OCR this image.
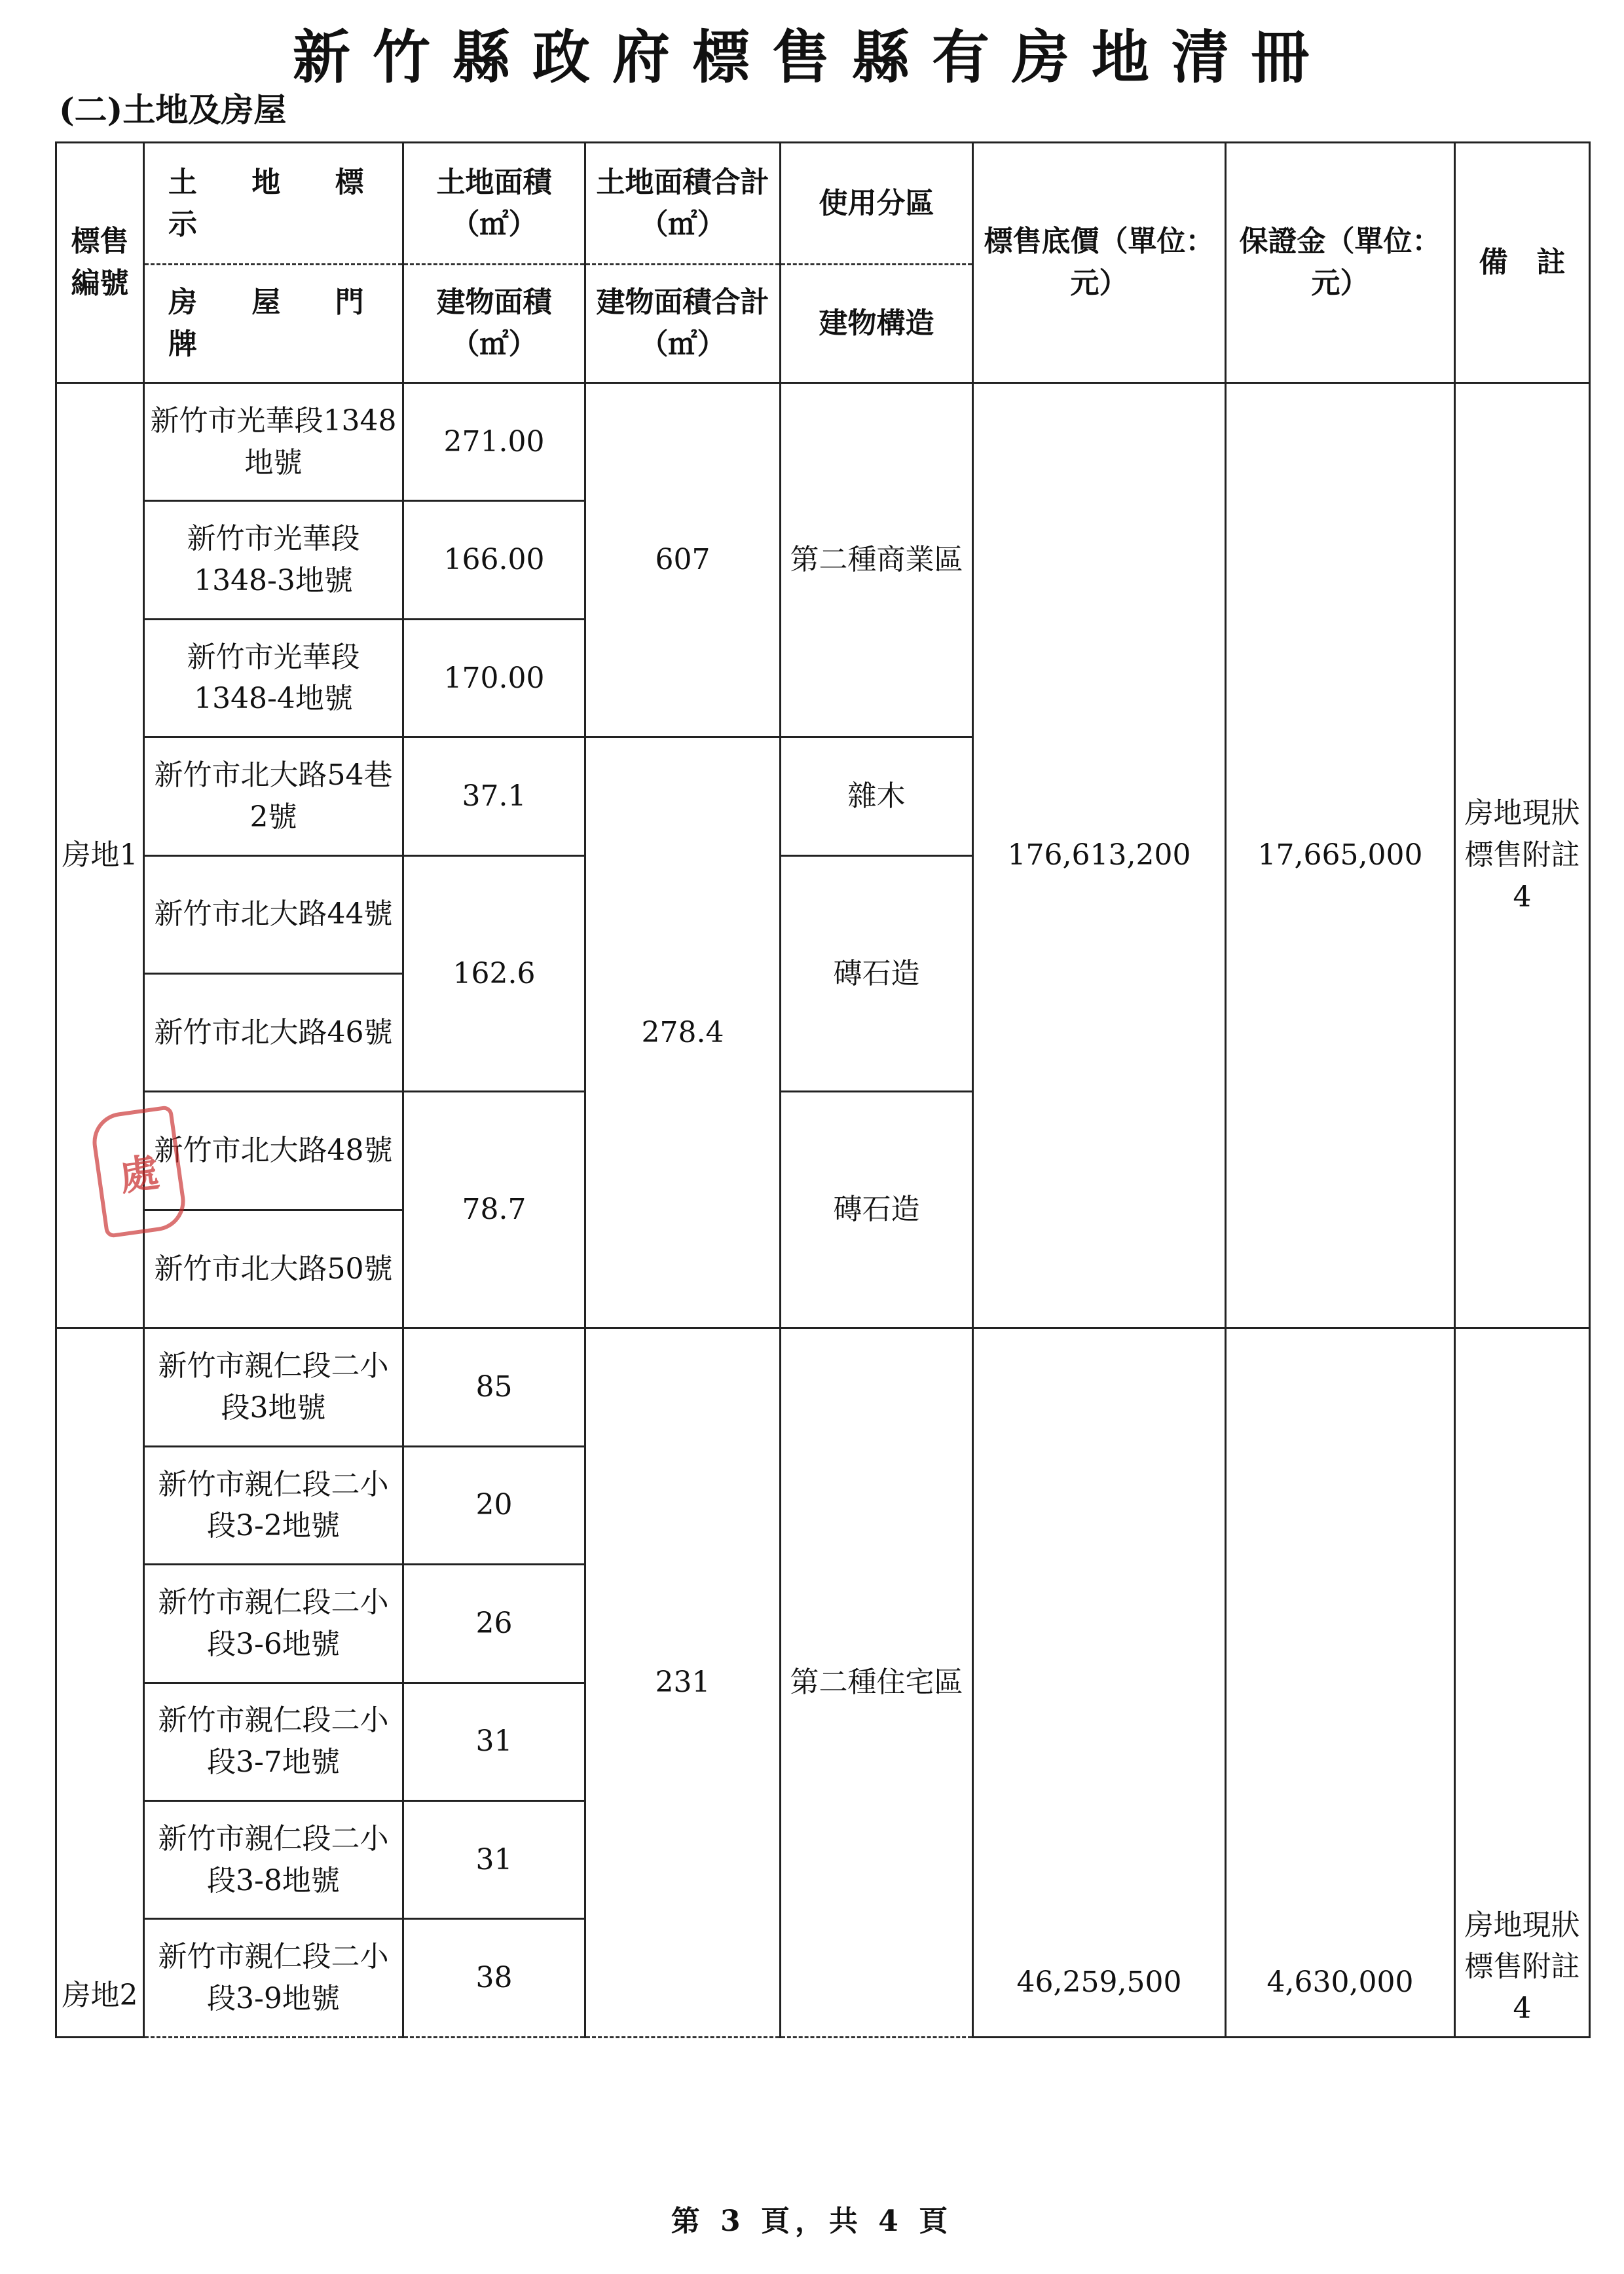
新竹縣政府標售縣有房地清冊
(二)土地及房屋
標售編號	土 地 標 示	土地面積（㎡）	土地面積合計（㎡）	使用分區	標售底價（單位：元）	保證金（單位：元）	備　註
	房 屋 門 牌	建物面積（㎡）	建物面積合計（㎡）	建物構造			
房地1	新竹市光華段1348地號	271.00	607	第二種商業區	176,613,200	17,665,000	房地現狀標售附註4
	新竹市光華段1348-3地號	166.00					
	新竹市光華段1348-4地號	170.00					
	新竹市北大路54巷2號	37.1	278.4	雜木			
	新竹市北大路44號	162.6		磚石造			
	新竹市北大路46號						
	新竹市北大路48號	78.7		磚石造			
	新竹市北大路50號						
房地2	新竹市親仁段二小段3地號	85	231	第二種住宅區	46,259,500	4,630,000	房地現狀標售附註4
	新竹市親仁段二小段3-2地號	20					
	新竹市親仁段二小段3-6地號	26					
	新竹市親仁段二小段3-7地號	31					
	新竹市親仁段二小段3-8地號	31					
	新竹市親仁段二小段3-9地號	38					
處
第 3 頁，共 4 頁
